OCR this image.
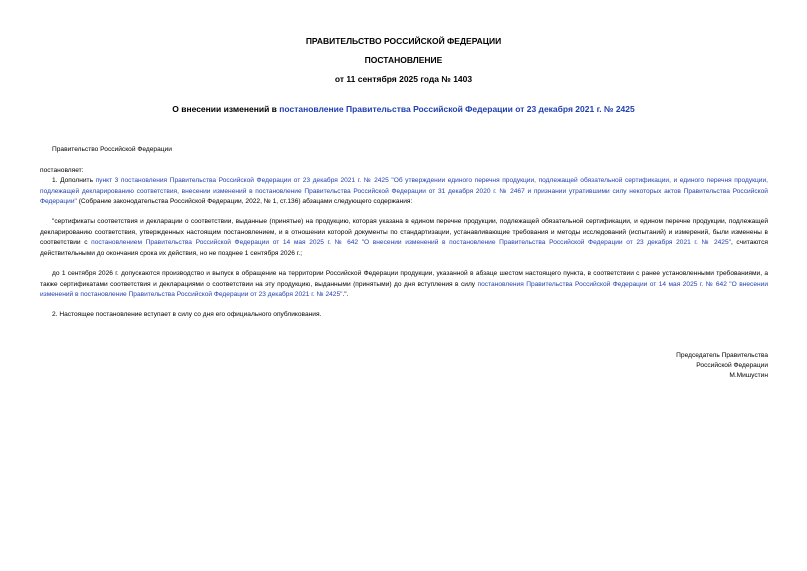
ПРАВИТЕЛЬСТВО РОССИЙСКОЙ ФЕДЕРАЦИИ
ПОСТАНОВЛЕНИЕ
от 11 сентября 2025 года № 1403
О внесении изменений в постановление Правительства Российской Федерации от 23 декабря 2021 г. № 2425
Правительство Российской Федерации
постановляет:
1. Дополнить пункт 3 постановления Правительства Российской Федерации от 23 декабря 2021 г. № 2425 "Об утверждении единого перечня продукции, подлежащей обязательной сертификации, и единого перечня продукции, подлежащей декларированию соответствия, внесении изменений в постановление Правительства Российской Федерации от 31 декабря 2020 г. № 2467 и признании утратившими силу некоторых актов Правительства Российской Федерации" (Собрание законодательства Российской Федерации, 2022, № 1, ст.136) абзацами следующего содержания:
"сертификаты соответствия и декларации о соответствии, выданные (принятые) на продукцию, которая указана в едином перечне продукции, подлежащей обязательной сертификации, и едином перечне продукции, подлежащей декларированию соответствия, утвержденных настоящим постановлением, и в отношении которой документы по стандартизации, устанавливающие требования и методы исследований (испытаний) и измерений, были изменены в соответствии с постановлением Правительства Российской Федерации от 14 мая 2025 г. № 642 "О внесении изменений в постановление Правительства Российской Федерации от 23 декабря 2021 г. № 2425", считаются действительными до окончания срока их действия, но не позднее 1 сентября 2026 г.;
до 1 сентября 2026 г. допускаются производство и выпуск в обращение на территории Российской Федерации продукции, указанной в абзаце шестом настоящего пункта, в соответствии с ранее установленными требованиями, а также сертификатами соответствия и декларациями о соответствии на эту продукцию, выданными (принятыми) до дня вступления в силу постановления Правительства Российской Федерации от 14 мая 2025 г. № 642 "О внесении изменений в постановление Правительства Российской Федерации от 23 декабря 2021 г. № 2425".".
2. Настоящее постановление вступает в силу со дня его официального опубликования.
Председатель Правительства
Российской Федерации
М.Мишустин
